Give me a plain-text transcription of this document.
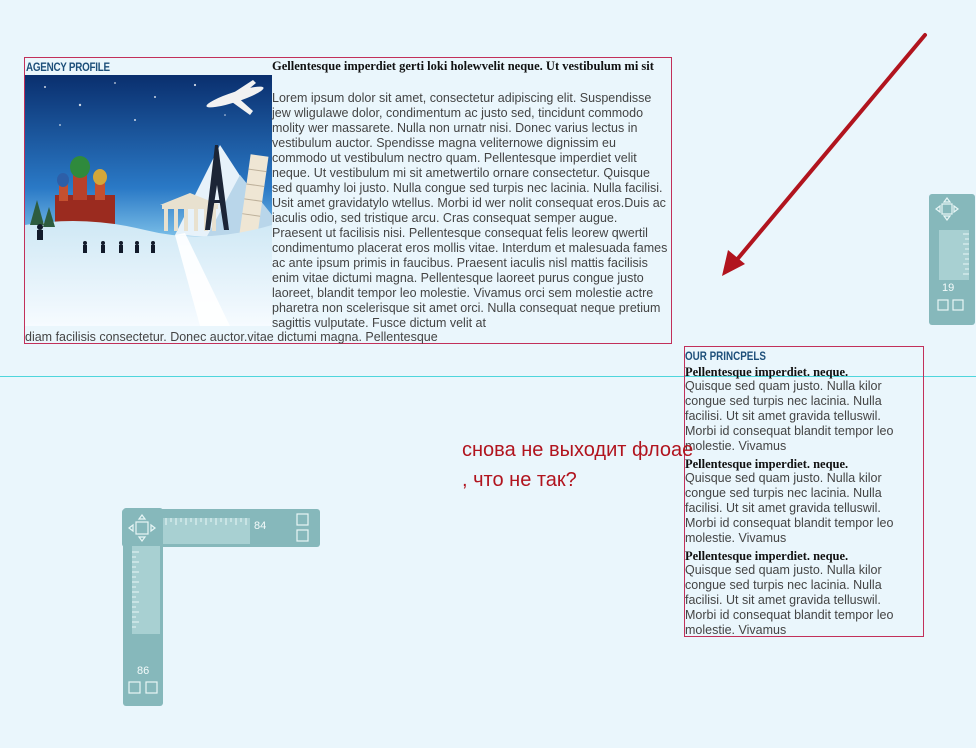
AGENCY PROFILE	Gellentesque imperdiet gerti loki holewvelit neque. Ut vestibulum mi sit
Lorem ipsum dolor sit amet, consectetur adipiscing elit. Suspendisse jew wligulawe dolor, condimentum ac justo sed, tincidunt commodo molity wer massarete. Nulla non urnatr nisi. Donec varius lectus in vestibulum auctor. Spendisse magna veliternowe dignissim eu commodo ut vestibulum nectro quam. Pellentesque imperdiet velit neque. Ut vestibulum mi sit ametwertilo ornare consectetur. Quisque sed quamhy loi justo. Nulla congue sed turpis nec lacinia. Nulla facilisi. Usit amet gravidatylo wtellus. Morbi id wer nolit consequat eros.Duis ac iaculis odio, sed tristique arcu. Cras consequat semper augue. Praesent ut facilisis nisi. Pellentesque consequat felis leorew qwertil condimentumo placerat eros mollis vitae. Interdum et malesuada fames ac ante ipsum primis in faucibus. Praesent iaculis nisl mattis facilisis enim vitae dictumi magna. Pellentesque laoreet purus congue justo laoreet, blandit tempor leo molestie. Vivamus orci sem molestie actre pharetra non scelerisque sit amet orci. Nulla consequat neque pretium sagittis vulputate. Fusce dictum velit at
diam facilisis consectetur. Donec auctor.vitae dictumi magna. Pellentesque
OUR PRINCPELS
Pellentesque imperdiet. neque.
Quisque sed quam justo. Nulla kilor congue sed turpis nec lacinia. Nulla facilisi. Ut sit amet gravida telluswil. Morbi id consequat blandit tempor leo molestie. Vivamus
Pellentesque imperdiet. neque.
Quisque sed quam justo. Nulla kilor congue sed turpis nec lacinia. Nulla facilisi. Ut sit amet gravida telluswil. Morbi id consequat blandit tempor leo molestie. Vivamus
Pellentesque imperdiet. neque.
Quisque sed quam justo. Nulla kilor congue sed turpis nec lacinia. Nulla facilisi. Ut sit amet gravida telluswil. Morbi id consequat blandit tempor leo molestie. Vivamus
снова не выходит флоае
, что не так?
19
84
86
